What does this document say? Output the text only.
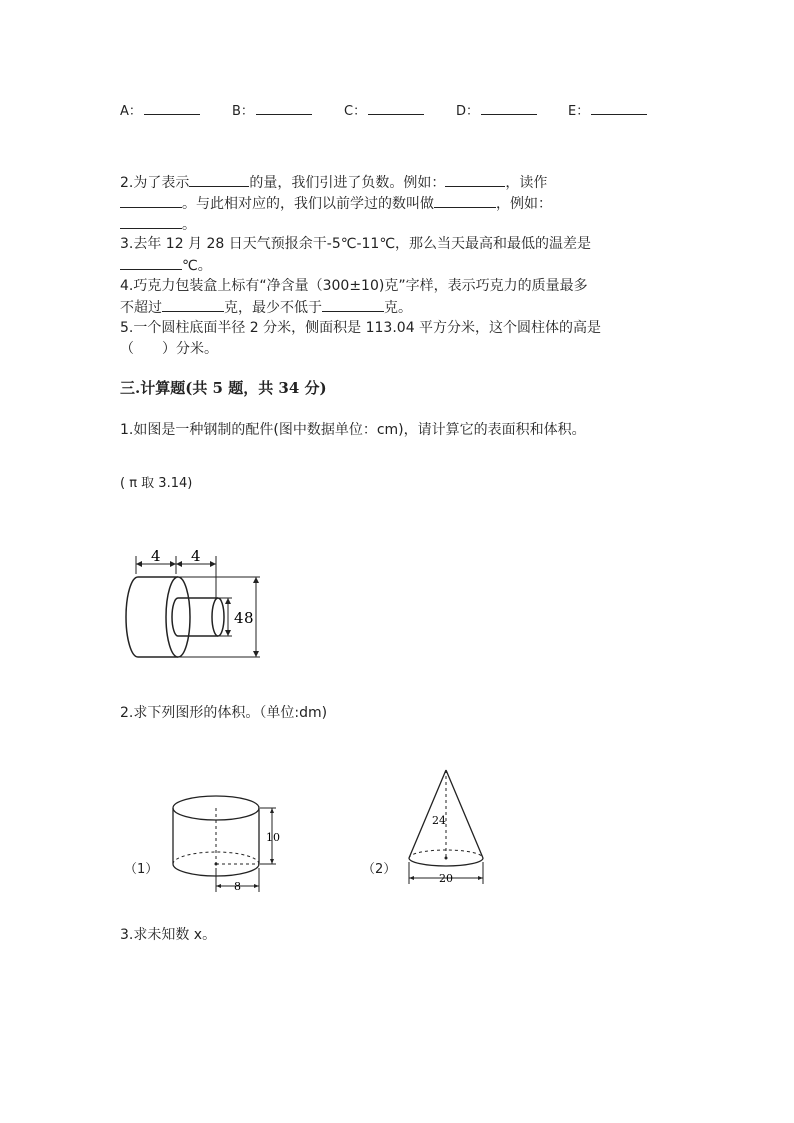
A：	B：	C：	D：	E：
2.为了表示	的量，我们引进了负数。例如：	，读作
。与此相对应的，我们以前学过的数叫做	，例如：
。
3.去年 12 月 28 日天气预报余干-5℃-11℃，那么当天最高和最低的温差是
℃。
4.巧克力包装盒上标有“净含量（300±10)克”字样，表示巧克力的质量最多
不超过	克，最少不低于	克。
5.一个圆柱底面半径 2 分米，侧面积是 113.04 平方分米，这个圆柱体的高是
（　　）分米。
三.计算题(共 5 题，共 34 分)
1.如图是一种钢制的配件(图中数据单位：cm)，请计算它的表面积和体积。
( π 取 3.14)
4 4
4 8
2.求下列图形的体积。（单位:dm)
（1）
10
8
（2）
24
20
3.求未知数 x。
